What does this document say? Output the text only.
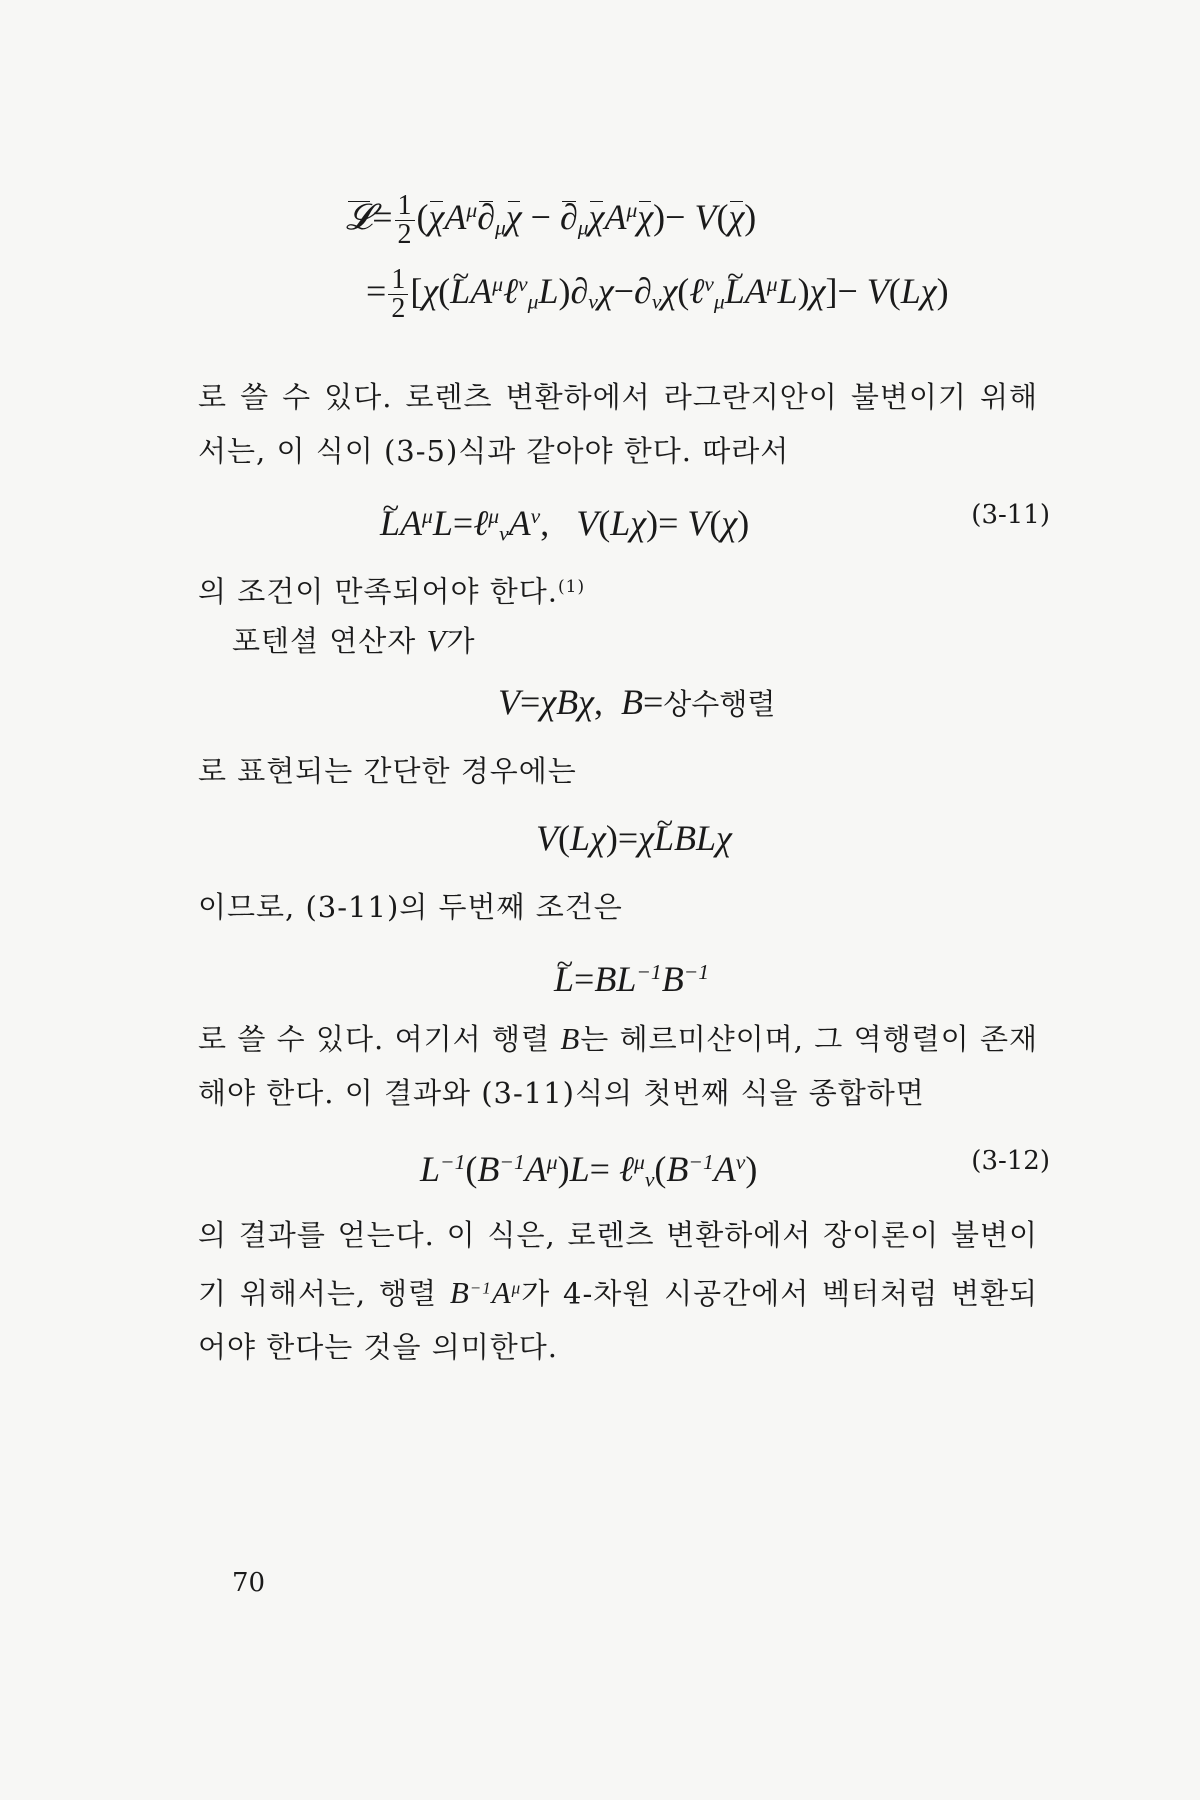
𝓛= $\frac{1}{2} (\chi A^\mu\partial_\mu\chi - \partial_\mu\chi A^\mu\chi)- V(\chi)$
= $\frac{1}{2}$ [χ(~ $LA^\mu\ell^\nu_\mu L)\partial_\nu\chi-\partial_\nu\chi(\ell^\nu_\mu\sim$ $LA^\mu L)\chi]- V(L\chi)$
로 쓸 수 있다. 로렌츠 변환하에서 라그란지안이 불변이기 위해서는, 이 식이 (3-5)식과 같아야 한다. 따라서
~ $LA^\mu L=\ell^\mu_\nu A^\nu$,   V(Lχ)= V(χ)	(3-11)
의 조건이 만족되어야 한다.$^{(1)}$
포텐셜 연산자 V가
V=χBχ,  B=상수행렬
로 표현되는 간단한 경우에는
V(Lχ)=χ~ LBLχ
이므로, (3-11)의 두번째 조건은
~ $L=BL^{-1}B^{-1}$
로 쓸 수 있다. 여기서 행렬 B는 헤르미샨이며, 그 역행렬이 존재해야 한다. 이 결과와 (3-11)식의 첫번째 식을 종합하면
$L^{-1}(B^{-1}A^\mu)L=$ $\ell^\mu_\nu(B^{-1}A^\nu)$	(3-12)
의 결과를 얻는다. 이 식은, 로렌츠 변환하에서 장이론이 불변이기 위해서는, 행렬 $B^{-1}A^\mu$가 4-차원 시공간에서 벡터처럼 변환되어야 한다는 것을 의미한다.
70
